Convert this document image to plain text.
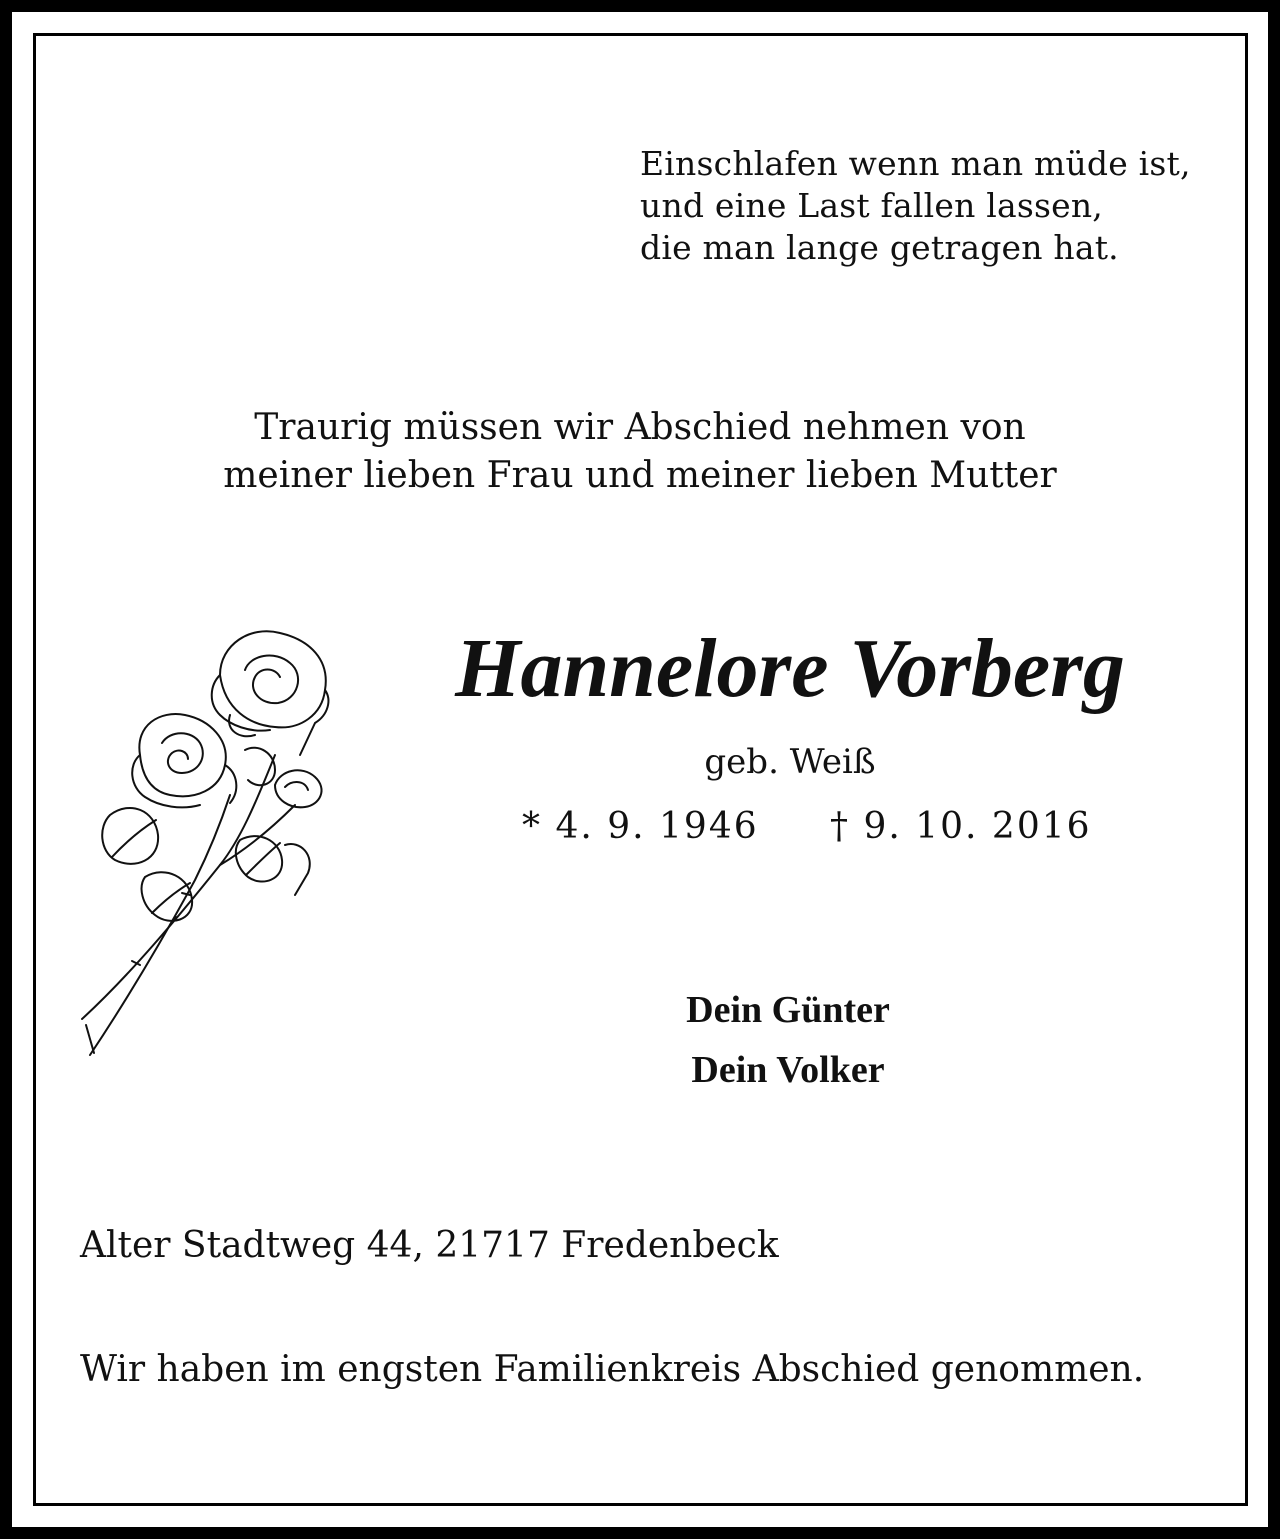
Einschlafen wenn man müde ist,
und eine Last fallen lassen,
die man lange getragen hat.
Traurig müssen wir Abschied nehmen von
meiner lieben Frau und meiner lieben Mutter
Hannelore Vorberg
geb. Weiß
* 4. 9. 1946 † 9. 10. 2016
Dein Günter
Dein Volker
Alter Stadtweg 44, 21717 Fredenbeck
Wir haben im engsten Familienkreis Abschied genommen.
